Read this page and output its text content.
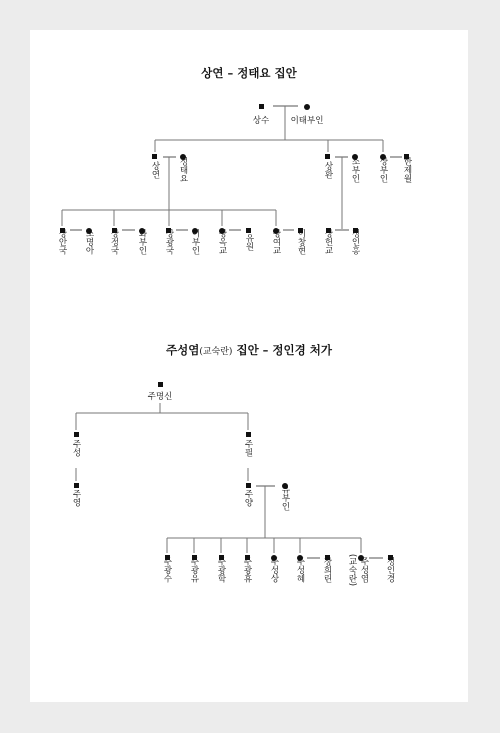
상연 – 정태요 집안
상수	이태부인
상연 정태요	상환 소부인 상부인 한제월
상안국 소명아 상정국 화부인 상광국 이부인 상옥교 유원 상여교 이창현 상헌교 정인홍
주성염(교숙란) 집안 – 정인경 처가
주명신
주성
주영
주필
주양	유부인
주광수 주광유 주광학 주광휴 주성상 주성혜 장희린 (교숙란) 주성염 정인경
